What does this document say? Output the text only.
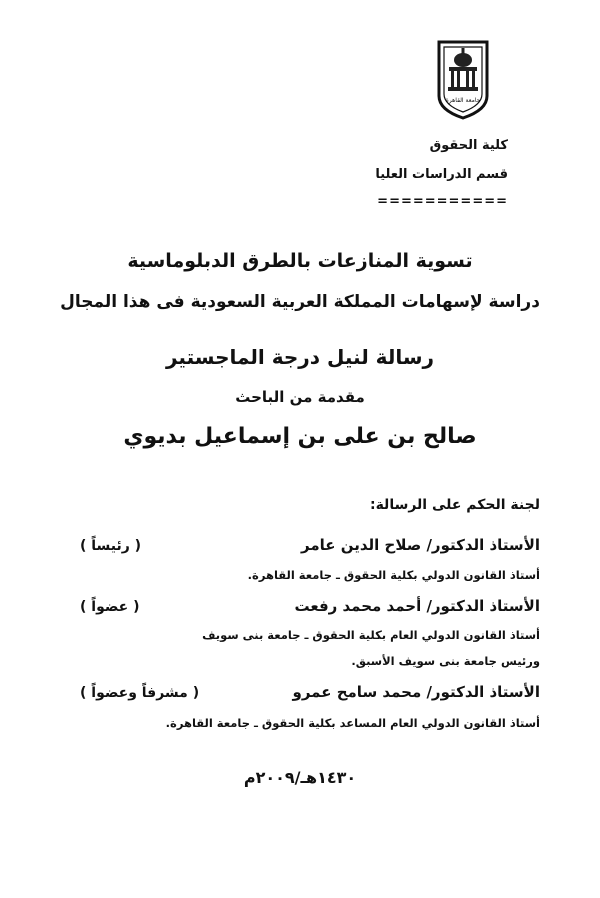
جامعة القاهرة
كلية الحقوق
قسم الدراسات العليا
===========
تسوية المنازعات بالطرق الدبلوماسية
دراسة لإسهامات المملكة العربية السعودية فى هذا المجال
رسالة لنيل درجة الماجستير
مقدمة من الباحث
صالح بن على بن إسماعيل بديوي
لجنة الحكم على الرسالة:
الأستاذ الدكتور/ صلاح الدين عامر
( رئيساً )
أستاذ القانون الدولي بكلية الحقوق ـ جامعة القاهرة.
الأستاذ الدكتور/ أحمد محمد رفعت
( عضواً )
أستاذ القانون الدولي العام بكلية الحقوق ـ جامعة بنى سويف
ورئيس جامعة بنى سويف الأسبق.
الأستاذ الدكتور/ محمد سامح عمرو
( مشرفاً وعضواً )
أستاذ القانون الدولي العام المساعد بكلية الحقوق ـ جامعة القاهرة.
١٤٣٠هـ/٢٠٠٩م
